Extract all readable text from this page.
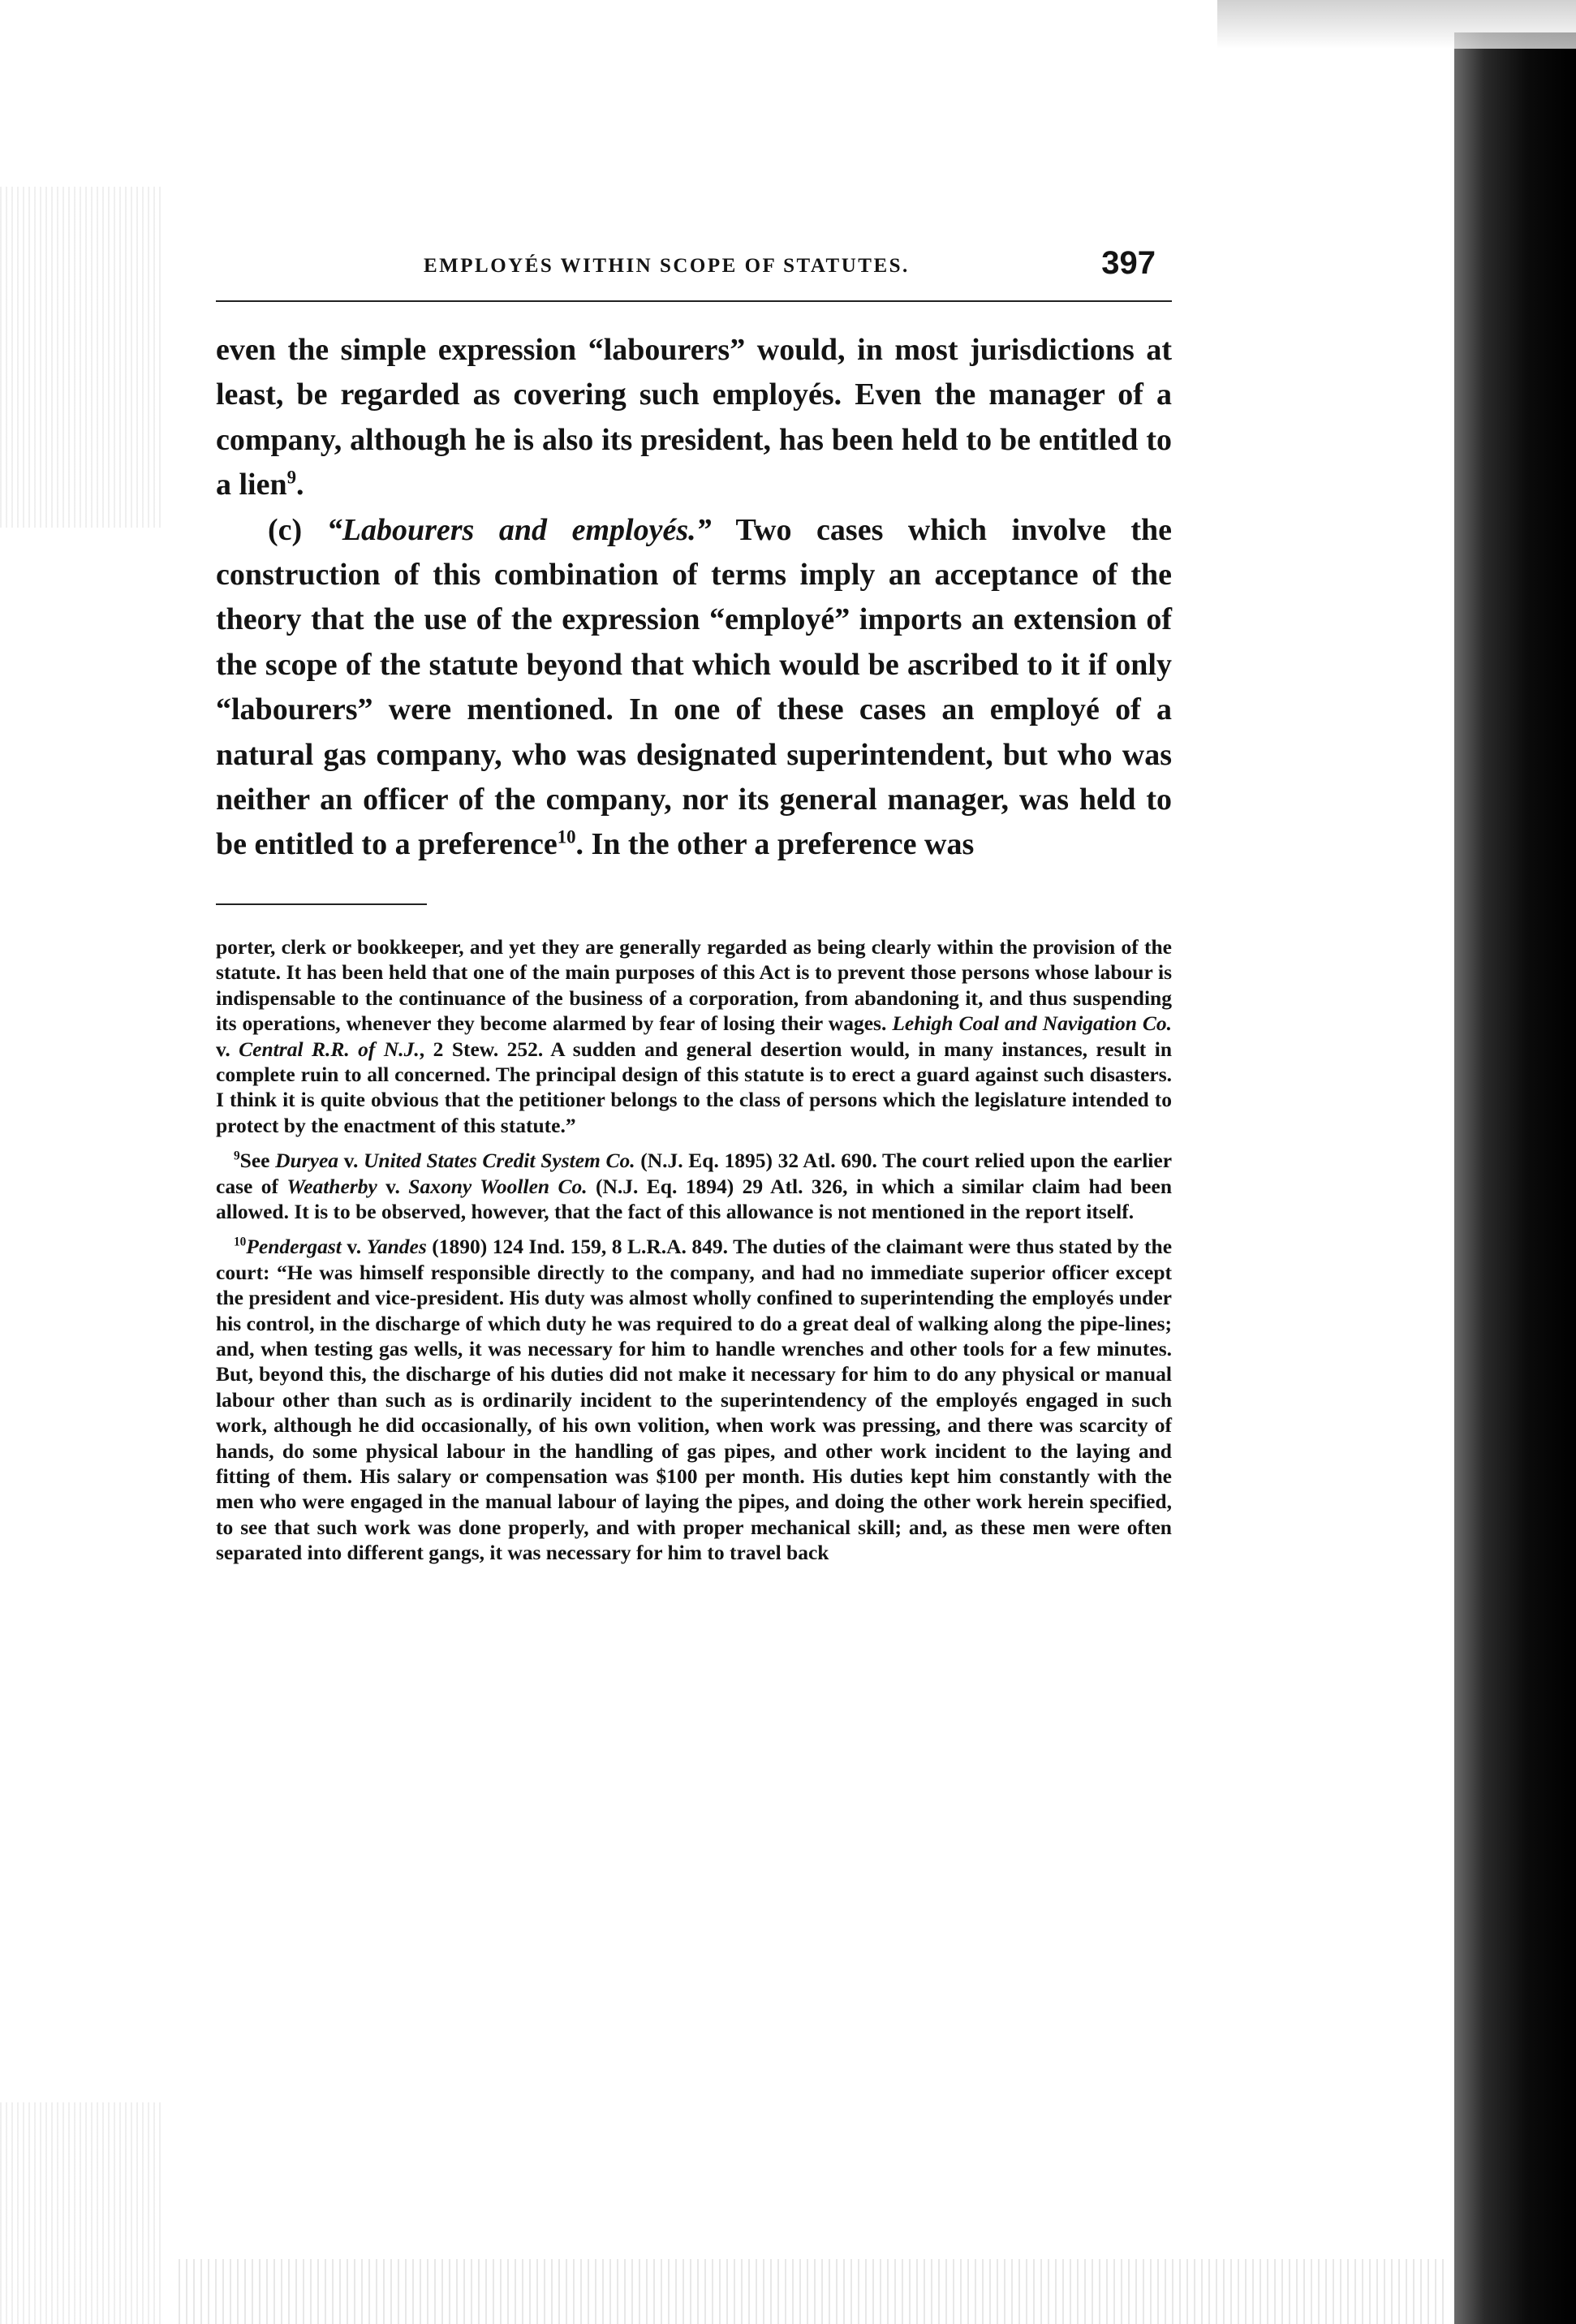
EMPLOYÉS WITHIN SCOPE OF STATUTES.	397

even the simple expression “labourers” would, in most jurisdictions at least, be regarded as covering such employés. Even the manager of a company, although he is also its president, has been held to be entitled to a lien$^9$.

(c) “Labourers and employés.” Two cases which involve the construction of this combination of terms imply an acceptance of the theory that the use of the expression “employé” imports an extension of the scope of the statute beyond that which would be ascribed to it if only “labourers” were mentioned. In one of these cases an employé of a natural gas company, who was designated superintendent, but who was neither an officer of the company, nor its general manager, was held to be entitled to a preference$^{10}$. In the other a preference was

porter, clerk or bookkeeper, and yet they are generally regarded as being clearly within the provision of the statute. It has been held that one of the main purposes of this Act is to prevent those persons whose labour is indispensable to the continuance of the business of a corporation, from abandoning it, and thus suspending its operations, whenever they become alarmed by fear of losing their wages. Lehigh Coal and Navigation Co. v. Central R.R. of N.J., 2 Stew. 252. A sudden and general desertion would, in many instances, result in complete ruin to all concerned. The principal design of this statute is to erect a guard against such disasters. I think it is quite obvious that the petitioner belongs to the class of persons which the legislature intended to protect by the enactment of this statute.”

$^9$See Duryea v. United States Credit System Co. (N.J. Eq. 1895) 32 Atl. 690. The court relied upon the earlier case of Weatherby v. Saxony Woollen Co. (N.J. Eq. 1894) 29 Atl. 326, in which a similar claim had been allowed. It is to be observed, however, that the fact of this allowance is not mentioned in the report itself.

$^{10}$Pendergast v. Yandes (1890) 124 Ind. 159, 8 L.R.A. 849. The duties of the claimant were thus stated by the court: “He was himself responsible directly to the company, and had no immediate superior officer except the president and vice-president. His duty was almost wholly confined to superintending the employés under his control, in the discharge of which duty he was required to do a great deal of walking along the pipe-lines; and, when testing gas wells, it was necessary for him to handle wrenches and other tools for a few minutes. But, beyond this, the discharge of his duties did not make it necessary for him to do any physical or manual labour other than such as is ordinarily incident to the superintendency of the employés engaged in such work, although he did occasionally, of his own volition, when work was pressing, and there was scarcity of hands, do some physical labour in the handling of gas pipes, and other work incident to the laying and fitting of them. His salary or compensation was $100 per month. His duties kept him constantly with the men who were engaged in the manual labour of laying the pipes, and doing the other work herein specified, to see that such work was done properly, and with proper mechanical skill; and, as these men were often separated into different gangs, it was necessary for him to travel back
